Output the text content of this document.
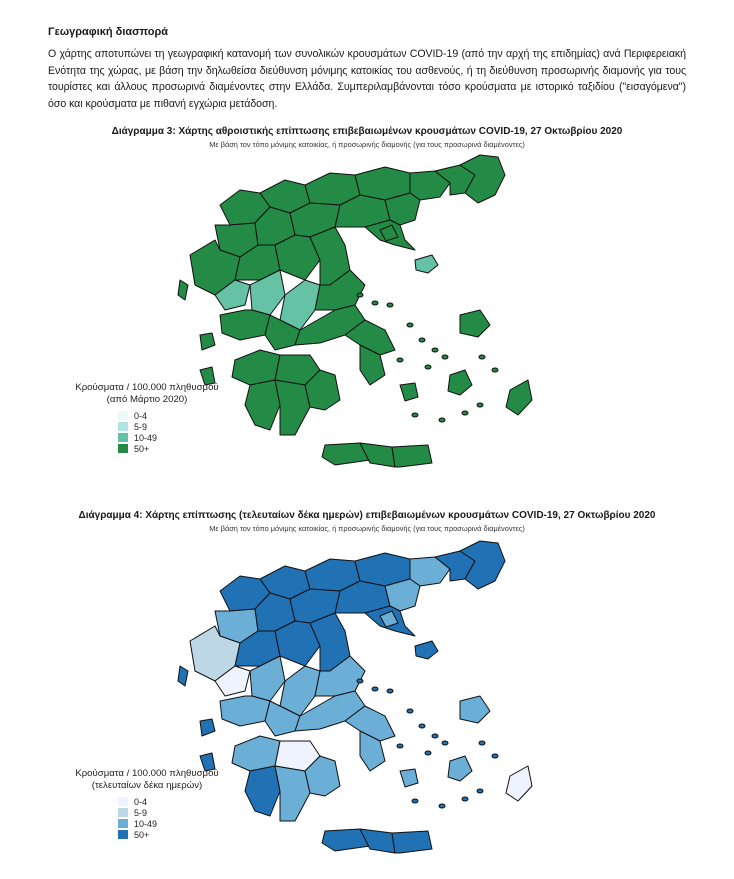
Γεωγραφική διασπορά

Ο χάρτης αποτυπώνει τη γεωγραφική κατανομή των συνολικών κρουσμάτων COVID-19 (από την αρχή της επιδημίας) ανά Περιφερειακή Ενότητα της χώρας, με βάση την δηλωθείσα διεύθυνση μόνιμης κατοικίας του ασθενούς, ή τη διεύθυνση προσωρινής διαμονής για τους τουρίστες και άλλους προσωρινά διαμένοντες στην Ελλάδα. Συμπεριλαμβάνονται τόσο κρούσματα με ιστορικό ταξιδίου ("εισαγόμενα") όσο και κρούσματα με πιθανή εγχώρια μετάδοση.

Διάγραμμα 3: Χάρτης αθροιστικής επίπτωσης επιβεβαιωμένων κρουσμάτων COVID-19, 27 Οκτωβρίου 2020

Με βάση τον τόπο μόνιμης κατοικίας, ή προσωρινής διαμονής (για τους προσωρινά διαμένοντες)

Κρούσματα / 100.000 πληθυσμού
(από Μάρτιο 2020)
0-4
5-9
10-49
50+

Διάγραμμα 4: Χάρτης επίπτωσης (τελευταίων δέκα ημερών) επιβεβαιωμένων κρουσμάτων COVID-19, 27 Οκτωβρίου 2020

Με βάση τον τόπο μόνιμης κατοικίας, ή προσωρινής διαμονής (για τους προσωρινά διαμένοντες)

Κρούσματα / 100.000 πληθυσμού
(τελευταίων δέκα ημερών)
0-4
5-9
10-49
50+
